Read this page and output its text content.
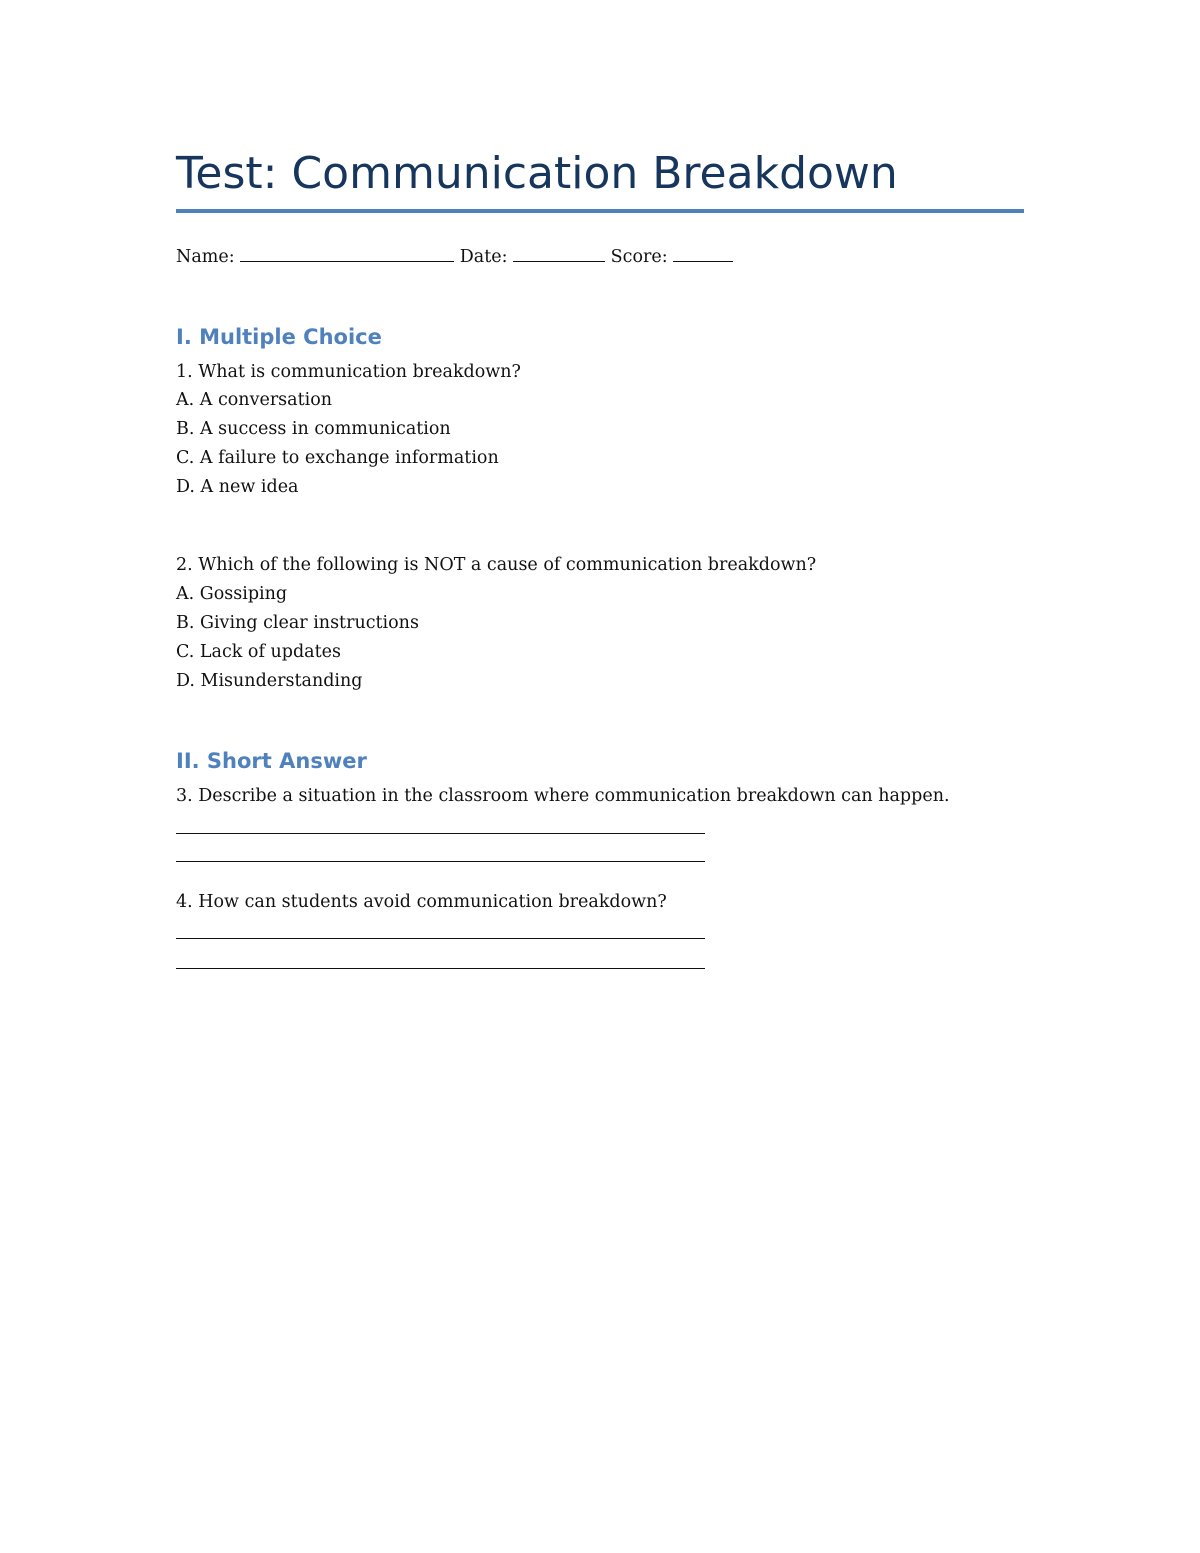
Test: Communication Breakdown
Name:	Date:	Score:
I. Multiple Choice
1. What is communication breakdown?
A. A conversation
B. A success in communication
C. A failure to exchange information
D. A new idea
2. Which of the following is NOT a cause of communication breakdown?
A. Gossiping
B. Giving clear instructions
C. Lack of updates
D. Misunderstanding
II. Short Answer
3. Describe a situation in the classroom where communication breakdown can happen.
4. How can students avoid communication breakdown?
